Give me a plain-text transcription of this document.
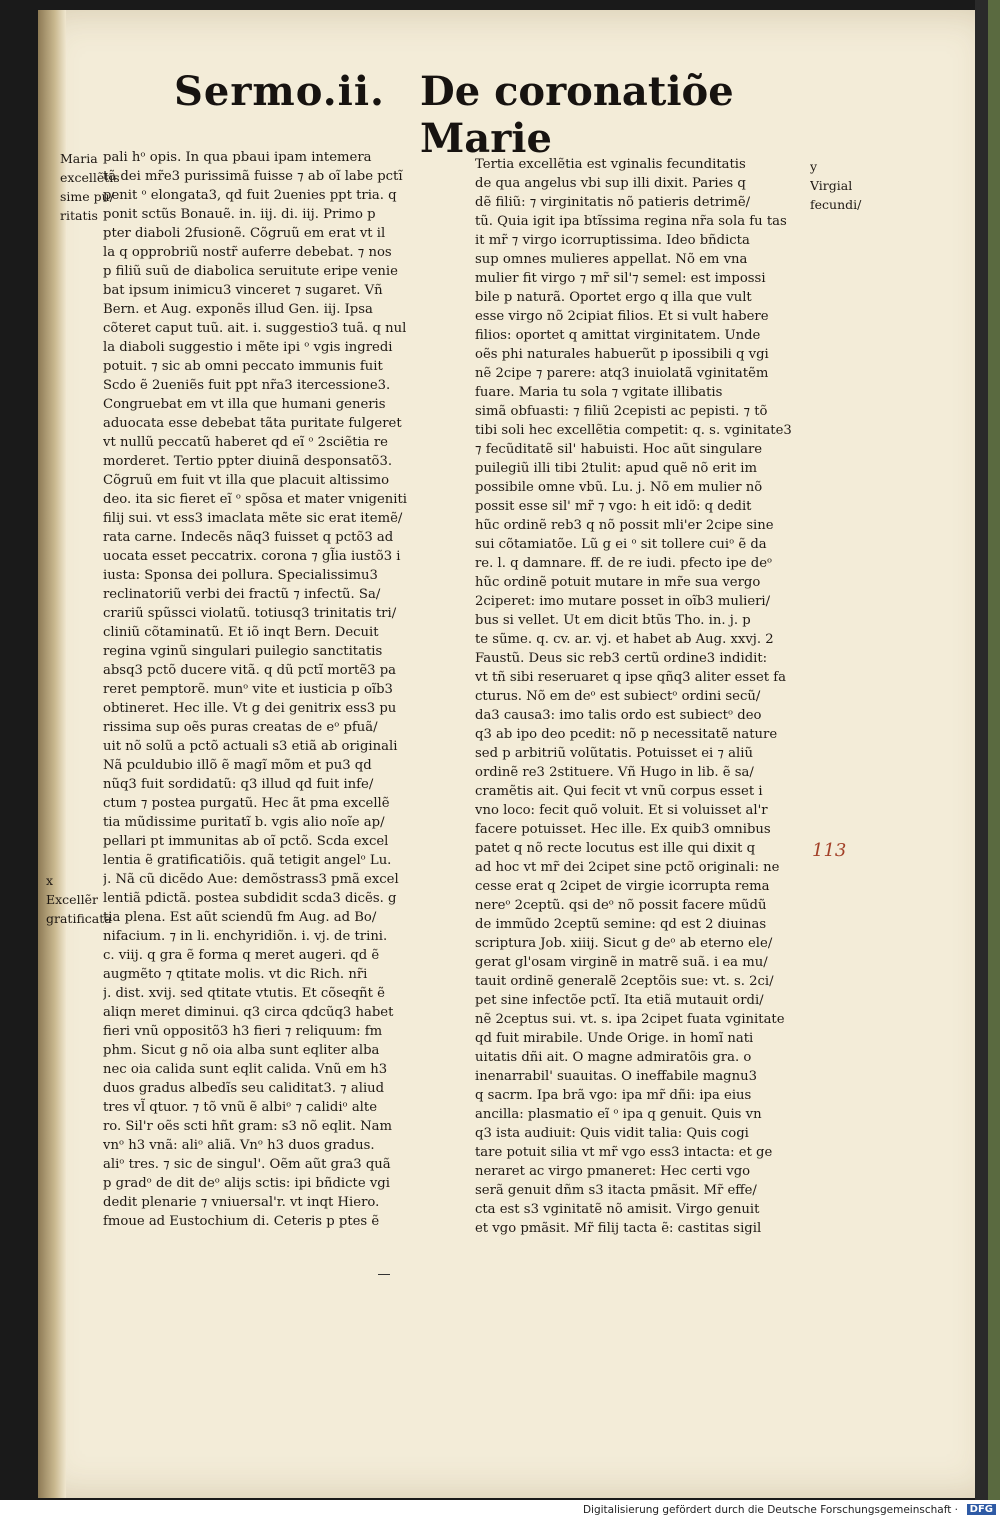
Sermo.ii. De coronatiõe Marie
Maria
excellẽtis
sime pu/
ritatis
x
Excellẽr
gratificata
y
Virgial
fecundi/
113
pali hᵒ opis. In qua pbaui ipam intemera
tã dei mr̃e3 purissimã fuisse ⁊ ab oĩ labe pctĩ
penit ᵒ elongata3, qd fuit 2uenies ppt tria. q
ponit sctũs Bonauẽ. in. iij. di. iij. Primo p
pter diaboli 2fusionẽ. Cõgruũ em erat vt il
la q opprobriũ nostr̃ auferre debebat. ⁊ nos
p filiũ suũ de diabolica seruitute eripe venie
bat ipsum inimicu3 vinceret ⁊ sugaret. Vñ
Bern. et Aug. exponẽs illud Gen. iij. Ipsa
cõteret caput tuũ. ait. i. suggestio3 tuã. q nul
la diaboli suggestio i mẽte ipi ᵒ vgis ingredi
potuit. ⁊ sic ab omni peccato immunis fuit
Scdo ẽ 2ueniẽs fuit ppt nr̃a3 itercessione3.
Congruebat em vt illa que humani generis
aduocata esse debebat tãta puritate fulgeret
vt nullũ peccatũ haberet qd eĩ ᵒ 2sciẽtia re
morderet. Tertio ppter diuinã desponsatõ3.
Cõgruũ em fuit vt illa que placuit altissimo
deo. ita sic fieret eĩ ᵒ spõsa et mater vnigeniti
filij sui. vt ess3 imaclata mẽte sic erat itemẽ/
rata carne. Indecẽs nãq3 fuisset q pctõ3 ad
uocata esset peccatrix. corona ⁊ gl̃ia iustõ3 i
iusta: Sponsa dei pollura. Specialissimu3
reclinatoriũ verbi dei fractũ ⁊ infectũ. Sa/
crariũ spũssci violatũ. totiusq3 trinitatis tri/
cliniũ cõtaminatũ. Et iõ inqt Bern. Decuit
regina vginũ singulari puilegio sanctitatis
absq3 pctõ ducere vitã. q dũ pctĩ mortẽ3 pa
reret pemptorẽ. munᵒ vite et iusticia p oĩb3
obtineret. Hec ille. Vt g dei genitrix ess3 pu
rissima sup oẽs puras creatas de eᵒ pfuã/
uit nõ solũ a pctõ actuali s3 etiã ab originali
Nã pculdubio illõ ẽ magĩ mõm et pu3 qd
nũq3 fuit sordidatũ: q3 illud qd fuit infe/
ctum ⁊ postea purgatũ. Hec ãt pma excellẽ
tia mũdissime puritatĩ b. vgis alio noĩe ap/
pellari pt immunitas ab oĩ pctõ. Scda excel
lentia ẽ gratificatiõis. quã tetigit angelᵒ Lu.
j. Nã cũ dicẽdo Aue: demõstrass3 pmã excel
lentiã pdictã. postea subdidit scda3 dicẽs. g
tia plena. Est aũt sciendũ fm Aug. ad Bo/
nifacium. ⁊ in li. enchyridiõn. i. vj. de trini.
c. viij. q gra ẽ forma q meret augeri. qd ẽ
augmẽto ⁊ qtitate molis. vt dic Rich. nr̃i
j. dist. xvij. sed qtitate vtutis. Et cõseqñt ẽ
aliqn meret diminui. q3 circa qdcũq3 habet
fieri vnũ oppositõ3 h3 fieri ⁊ reliquum: fm
phm. Sicut g nõ oia alba sunt eqliter alba
nec oia calida sunt eqlit calida. Vnũ em h3
duos gradus albedĩs seu caliditat3. ⁊ aliud
tres vl̃ qtuor. ⁊ tõ vnũ ẽ albiᵒ ⁊ calidiᵒ alte
ro. Sil'r oẽs scti hñt gram: s3 nõ eqlit. Nam
vnᵒ h3 vnã: aliᵒ aliã. Vnᵒ h3 duos gradus.
aliᵒ tres. ⁊ sic de singul'. Oẽm aũt gra3 quã
p gradᵒ de dit deᵒ alijs sctis: ipi bñdicte vgi
dedit plenarie ⁊ vniuersal'r. vt inqt Hiero.
fmoue ad Eustochium di. Ceteris p ptes ẽ
Tertia excellẽtia est vginalis fecunditatis
de qua angelus vbi sup illi dixit. Paries q
dẽ filiũ: ⁊ virginitatis nõ patieris detrimẽ/
tũ. Quia igit ipa btĩssima regina nr̃a sola fu tas
it mr̃ ⁊ virgo icorruptissima. Ideo bñdicta
sup omnes mulieres appellat. Nõ em vna
mulier fit virgo ⁊ mr̃ sil'⁊ semel: est impossi
bile p naturã. Oportet ergo q illa que vult
esse virgo nõ 2cipiat filios. Et si vult habere
filios: oportet q amittat virginitatem. Unde
oẽs phi naturales habuerũt p ipossibili q vgi
nẽ 2cipe ⁊ parere: atq3 inuiolatã vginitatẽm
fuare. Maria tu sola ⁊ vgitate illibatis
simã obfuasti: ⁊ filiũ 2cepisti ac pepisti. ⁊ tõ
tibi soli hec excellẽtia competit: q. s. vginitate3
⁊ fecũditatẽ sil' habuisti. Hoc aũt singulare
puilegiũ illi tibi 2tulit: apud quẽ nõ erit im
possibile omne vbũ. Lu. j. Nõ em mulier nõ
possit esse sil' mr̃ ⁊ vgo: h eit idõ: q dedit
hũc ordinẽ reb3 q nõ possit mli'er 2cipe sine
sui cõtamiatõe. Lũ g ei ᵒ sit tollere cuiᵒ ẽ da
re. l. q damnare. ff. de re iudi. pfecto ipe deᵒ
hũc ordinẽ potuit mutare in mr̃e sua vergo
2ciperet: imo mutare posset in oĩb3 mulieri/
bus si vellet. Ut em dicit btũs Tho. in. j. p
te sũme. q. cv. ar. vj. et habet ab Aug. xxvj. 2
Faustũ. Deus sic reb3 certũ ordine3 indidit:
vt tñ sibi reseruaret q ipse qñq3 aliter esset fa
cturus. Nõ em deᵒ est subiectᵒ ordini secũ/
da3 causa3: imo talis ordo est subiectᵒ deo
q3 ab ipo deo pcedit: nõ p necessitatẽ nature
sed p arbitriũ volũtatis. Potuisset ei ⁊ aliũ
ordinẽ re3 2stituere. Vñ Hugo in lib. ẽ sa/
cramẽtis ait. Qui fecit vt vnũ corpus esset i
vno loco: fecit quõ voluit. Et si voluisset al'r
facere potuisset. Hec ille. Ex quib3 omnibus
patet q nõ recte locutus est ille qui dixit q
ad hoc vt mr̃ dei 2cipet sine pctõ originali: ne
cesse erat q 2cipet de virgie icorrupta rema
nereᵒ 2ceptũ. qsi deᵒ nõ possit facere mũdũ
de immũdo 2ceptũ semine: qd est 2 diuinas
scriptura Job. xiiij. Sicut g deᵒ ab eterno ele/
gerat gl'osam virginẽ in matrẽ suã. i ea mu/
tauit ordinẽ generalẽ 2ceptõis sue: vt. s. 2ci/
pet sine infectõe pctĩ. Ita etiã mutauit ordi/
nẽ 2ceptus sui. vt. s. ipa 2cipet fuata vginitate
qd fuit mirabile. Unde Orige. in homĩ nati
uitatis dñi ait. O magne admiratõis gra. o
inenarrabil' suauitas. O ineffabile magnu3
q sacrm. Ipa brã vgo: ipa mr̃ dñi: ipa eius
ancilla: plasmatio eĩ ᵒ ipa q genuit. Quis vn
q3 ista audiuit: Quis vidit talia: Quis cogi
tare potuit silia vt mr̃ vgo ess3 intacta: et ge
neraret ac virgo pmaneret: Hec certi vgo
serã genuit dñm s3 itacta pmãsit. Mr̃ effe/
cta est s3 vginitatẽ nõ amisit. Virgo genuit
et vgo pmãsit. Mr̃ filij tacta ẽ: castitas sigil
Digitalisierung gefördert durch die Deutsche Forschungsgemeinschaft ·	DFG
